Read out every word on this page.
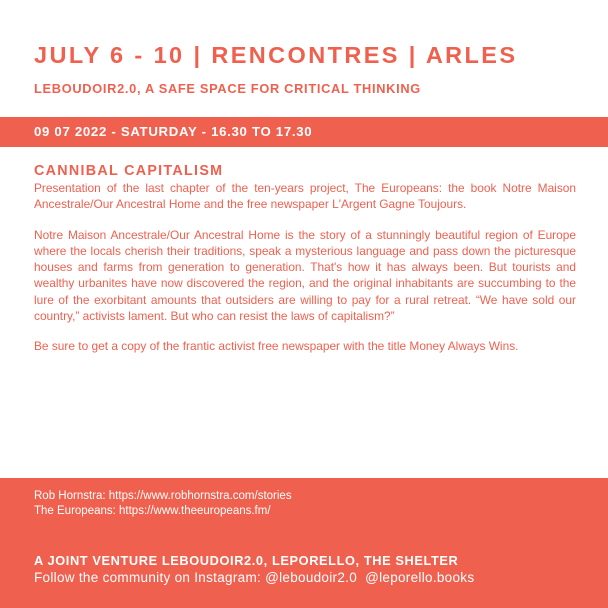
JULY 6 - 10 | RENCONTRES | ARLES
LEBOUDOIR2.0, A SAFE SPACE FOR CRITICAL THINKING
09 07 2022 - SATURDAY - 16.30 TO 17.30
CANNIBAL CAPITALISM

Presentation of the last chapter of the ten-years project, The Europeans: the book Notre Maison Ancestrale/Our Ancestral Home and the free newspaper L'Argent Gagne Toujours.

Notre Maison Ancestrale/Our Ancestral Home is the story of a stunningly beautiful region of Europe where the locals cherish their traditions, speak a mysterious language and pass down the picturesque houses and farms from generation to generation. That's how it has always been. But tourists and wealthy urbanites have now discovered the region, and the original inhabitants are succumbing to the lure of the exorbitant amounts that outsiders are willing to pay for a rural retreat. “We have sold our country,” activists lament. But who can resist the laws of capitalism?”

Be sure to get a copy of the frantic activist free newspaper with the title Money Always Wins.

Rob Hornstra: https://www.robhornstra.com/stories
The Europeans: https://www.theeuropeans.fm/
A JOINT VENTURE LEBOUDOIR2.0, LEPORELLO, THE SHELTER
Follow the community on Instagram: @leboudoir2.0 @leporello.books
